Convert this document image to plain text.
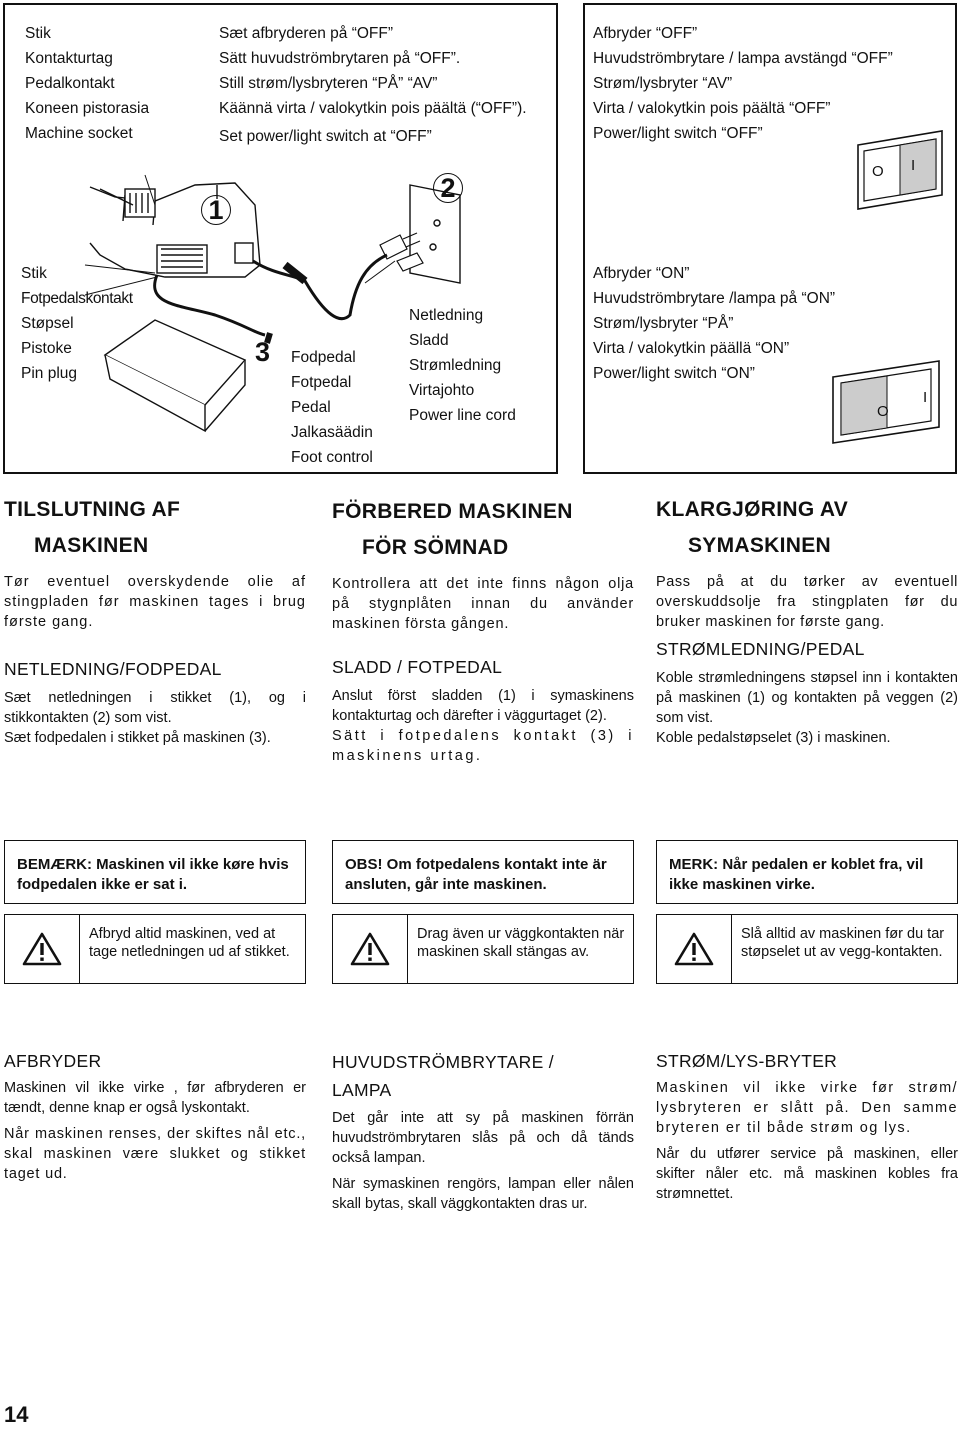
Stik
Kontakturtag
Pedalkontakt
Koneen pistorasia
Machine socket
Sæt afbryderen på “OFF”
Sätt huvudströmbrytaren på “OFF”.
Still strøm/lysbryteren “PÅ” “AV”
Käännä virta / valokytkin pois päältä (“OFF”).
Set power/light switch at “OFF”
1
2
3
Stik
Fotpedalskontakt
Støpsel
Pistoke
Pin plug
Fodpedal
Fotpedal
Pedal
Jalkasäädin
Foot control
Netledning
Sladd
Strømledning
Virtajohto
Power line cord
Afbryder “OFF”
Huvudströmbrytare / lampa avstängd “OFF”
Strøm/lysbryter “AV”
Virta / valokytkin pois päältä “OFF”
Power/light switch “OFF”
O I
Afbryder “ON”
Huvudströmbrytare /lampa på “ON”
Strøm/lysbryter “PÅ”
Virta / valokytkin päällä “ON”
Power/light switch “ON”
O
I
TILSLUTNING AF
MASKINEN

Tør eventuel overskydende olie af stingpladen før maskinen tages i brug første gang.

NETLEDNING/FODPEDAL

Sæt netledningen i stikket (1), og i stikkontakten (2) som vist.

Sæt fodpedalen i stikket på maskinen (3).

FÖRBERED MASKINEN
FÖR SÖMNAD

Kontrollera att det inte finns någon olja på stygnplåten innan du använder maskinen första gången.

SLADD / FOTPEDAL

Anslut först sladden (1) i symaskinens kontakturtag och därefter i väggurtaget (2).

Sätt i fotpedalens kontakt (3) i maskinens urtag.

KLARGJØRING AV
SYMASKINEN

Pass på at du tørker av eventuell overskuddsolje fra stingplaten før du bruker maskinen for første gang.

STRØMLEDNING/PEDAL

Koble strømledningens støpsel inn i kontakten på maskinen (1) og kontakten på veggen (2) som vist.

Koble pedalstøpselet (3) i maskinen.

BEMÆRK: Maskinen vil ikke køre hvis fodpedalen ikke er sat i.
OBS! Om fotpedalens kontakt inte är ansluten, går inte maskinen.
MERK: Når pedalen er koblet fra, vil ikke maskinen virke.
Afbryd altid maskinen, ved at tage netledningen ud af stikket.
Drag även ur väggkontakten när maskinen skall stängas av.
Slå alltid av maskinen før du tar støpselet ut av vegg-kontakten.
AFBRYDER

Maskinen vil ikke virke , før afbryderen er tændt, denne knap er også lyskontakt.

Når maskinen renses, der skiftes nål etc., skal maskinen være slukket og stikket taget ud.

HUVUDSTRÖMBRYTARE /
LAMPA

Det går inte att sy på maskinen förrän huvudströmbrytaren slås på och då tänds också lampan.

När symaskinen rengörs, lampan eller nålen skall bytas, skall väggkontakten dras ur.

STRØM/LYS-BRYTER

Maskinen vil ikke virke før strøm/ lysbryteren er slått på. Den samme bryteren er til både strøm og lys.

Når du utfører service på maskinen, eller skifter nåler etc. må maskinen kobles fra strømnettet.

14
